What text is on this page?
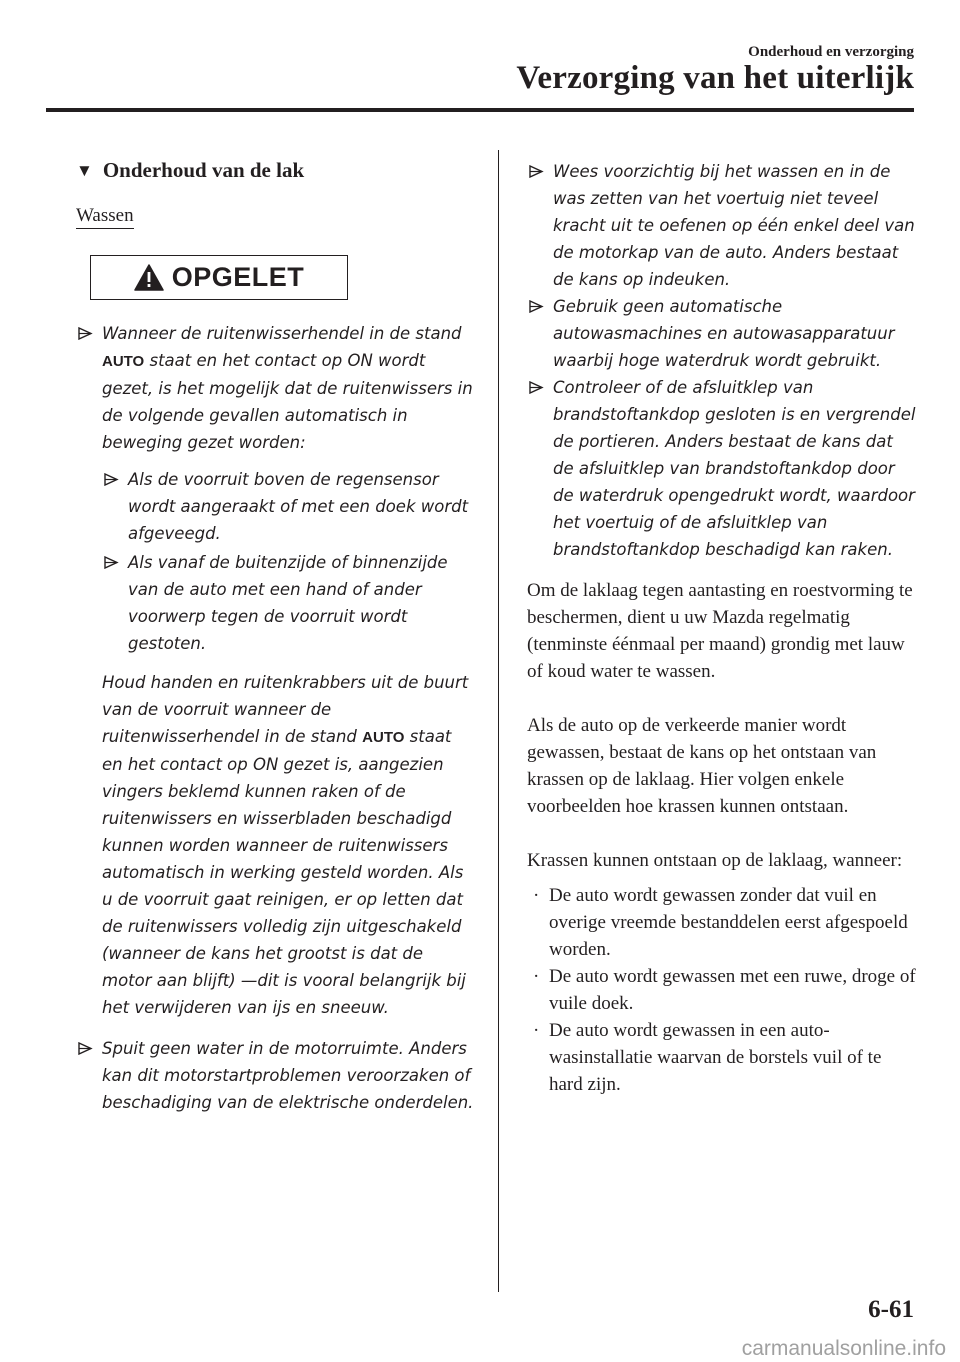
Onderhoud en verzorging
Verzorging van het uiterlijk
▼ Onderhoud van de lak
Wassen
OPGELET
Wanneer de ruitenwisserhendel in de stand AUTO staat en het contact op ON wordt gezet, is het mogelijk dat de ruitenwissers in de volgende gevallen automatisch in beweging gezet worden:
Als de voorruit boven de regensensor wordt aangeraakt of met een doek wordt afgeveegd.
Als vanaf de buitenzijde of binnenzijde van de auto met een hand of ander voorwerp tegen de voorruit wordt gestoten.

Houd handen en ruitenkrabbers uit de buurt van de voorruit wanneer de ruitenwisserhendel in de stand AUTO staat en het contact op ON gezet is, aangezien vingers beklemd kunnen raken of de ruitenwissers en wisserbladen beschadigd kunnen worden wanneer de ruitenwissers automatisch in werking gesteld worden. Als u de voorruit gaat reinigen, er op letten dat de ruitenwissers volledig zijn uitgeschakeld (wanneer de kans het grootst is dat de motor aan blijft) —dit is vooral belangrijk bij het verwijderen van ijs en sneeuw.

Spuit geen water in de motorruimte. Anders kan dit motorstartproblemen veroorzaken of beschadiging van de elektrische onderdelen.
Wees voorzichtig bij het wassen en in de was zetten van het voertuig niet teveel kracht uit te oefenen op één enkel deel van de motorkap van de auto. Anders bestaat de kans op indeuken.
Gebruik geen automatische autowasmachines en autowasapparatuur waarbij hoge waterdruk wordt gebruikt.
Controleer of de afsluitklep van brandstoftankdop gesloten is en vergrendel de portieren. Anders bestaat de kans dat de afsluitklep van brandstoftankdop door de waterdruk opengedrukt wordt, waardoor het voertuig of de afsluitklep van brandstoftankdop beschadigd kan raken.

Om de laklaag tegen aantasting en roestvorming te beschermen, dient u uw Mazda regelmatig (tenminste éénmaal per maand) grondig met lauw of koud water te wassen.

Als de auto op de verkeerde manier wordt gewassen, bestaat de kans op het ontstaan van krassen op de laklaag. Hier volgen enkele voorbeelden hoe krassen kunnen ontstaan.

Krassen kunnen ontstaan op de laklaag, wanneer:

· De auto wordt gewassen zonder dat vuil en overige vreemde bestanddelen eerst afgespoeld worden.
· De auto wordt gewassen met een ruwe, droge of vuile doek.
· De auto wordt gewassen in een auto-wasinstallatie waarvan de borstels vuil of te hard zijn.
6-61
carmanualsonline.info
